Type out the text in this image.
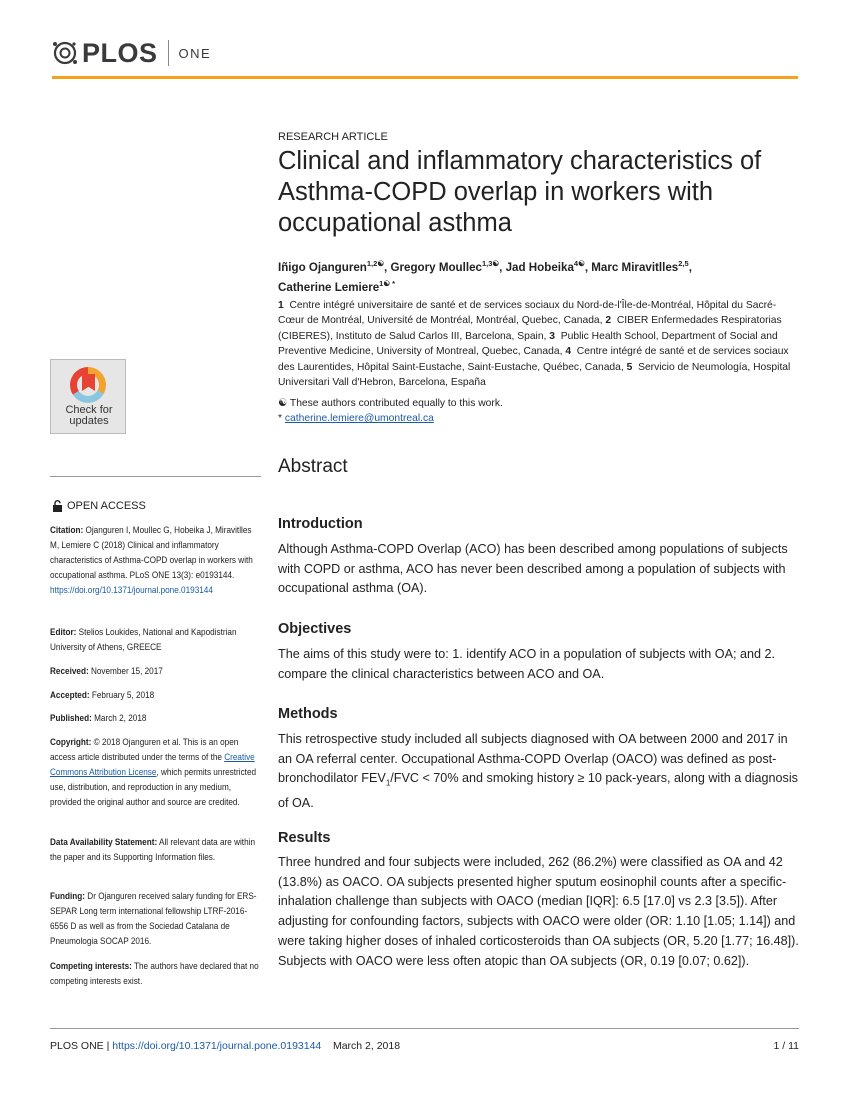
PLOS ONE
Check for
updates
OPEN ACCESS
Citation: Ojanguren I, Moullec G, Hobeika J, Miravitlles M, Lemiere C (2018) Clinical and inflammatory characteristics of Asthma-COPD overlap in workers with occupational asthma. PLoS ONE 13(3): e0193144. https://doi.org/10.1371/journal.pone.0193144
Editor: Stelios Loukides, National and Kapodistrian University of Athens, GREECE
Received: November 15, 2017
Accepted: February 5, 2018
Published: March 2, 2018
Copyright: © 2018 Ojanguren et al. This is an open access article distributed under the terms of the Creative Commons Attribution License, which permits unrestricted use, distribution, and reproduction in any medium, provided the original author and source are credited.
Data Availability Statement: All relevant data are within the paper and its Supporting Information files.
Funding: Dr Ojanguren received salary funding for ERS-SEPAR Long term international fellowship LTRF-2016-6556 D as well as from the Sociedad Catalana de Pneumologia SOCAP 2016.
Competing interests: The authors have declared that no competing interests exist.
RESEARCH ARTICLE
Clinical and inflammatory characteristics of Asthma-COPD overlap in workers with occupational asthma
Iñigo Ojanguren$^{1,2☯}$, Gregory Moullec$^{1,3☯}$, Jad Hobeika$^{4☯}$, Marc Miravitlles$^{2,5}$,
Catherine Lemiere$^{1☯ *}$
1 Centre intégré universitaire de santé et de services sociaux du Nord-de-l'Île-de-Montréal, Hôpital du Sacré-Cœur de Montréal, Université de Montréal, Montréal, Quebec, Canada, 2 CIBER Enfermedades Respiratorias (CIBERES), Instituto de Salud Carlos III, Barcelona, Spain, 3 Public Health School, Department of Social and Preventive Medicine, University of Montreal, Quebec, Canada, 4 Centre intégré de santé et de services sociaux des Laurentides, Hôpital Saint-Eustache, Saint-Eustache, Québec, Canada, 5 Servicio de Neumología, Hospital Universitari Vall d'Hebron, Barcelona, España
☯ These authors contributed equally to this work.
* catherine.lemiere@umontreal.ca
Abstract
Introduction
Although Asthma-COPD Overlap (ACO) has been described among populations of subjects with COPD or asthma, ACO has never been described among a population of subjects with occupational asthma (OA).
Objectives
The aims of this study were to: 1. identify ACO in a population of subjects with OA; and 2. compare the clinical characteristics between ACO and OA.
Methods
This retrospective study included all subjects diagnosed with OA between 2000 and 2017 in an OA referral center. Occupational Asthma-COPD Overlap (OACO) was defined as post-bronchodilator $FEV_1$/FVC < 70% and smoking history ≥ 10 pack-years, along with a diagnosis of OA.
Results
Three hundred and four subjects were included, 262 (86.2%) were classified as OA and 42 (13.8%) as OACO. OA subjects presented higher sputum eosinophil counts after a specific-inhalation challenge than subjects with OACO (median [IQR]: 6.5 [17.0] vs 2.3 [3.5]). After adjusting for confounding factors, subjects with OACO were older (OR: 1.10 [1.05; 1.14]) and were taking higher doses of inhaled corticosteroids than OA subjects (OR, 5.20 [1.77; 16.48]). Subjects with OACO were less often atopic than OA subjects (OR, 0.19 [0.07; 0.62]).
PLOS ONE | https://doi.org/10.1371/journal.pone.0193144 March 2, 2018	1 / 11
